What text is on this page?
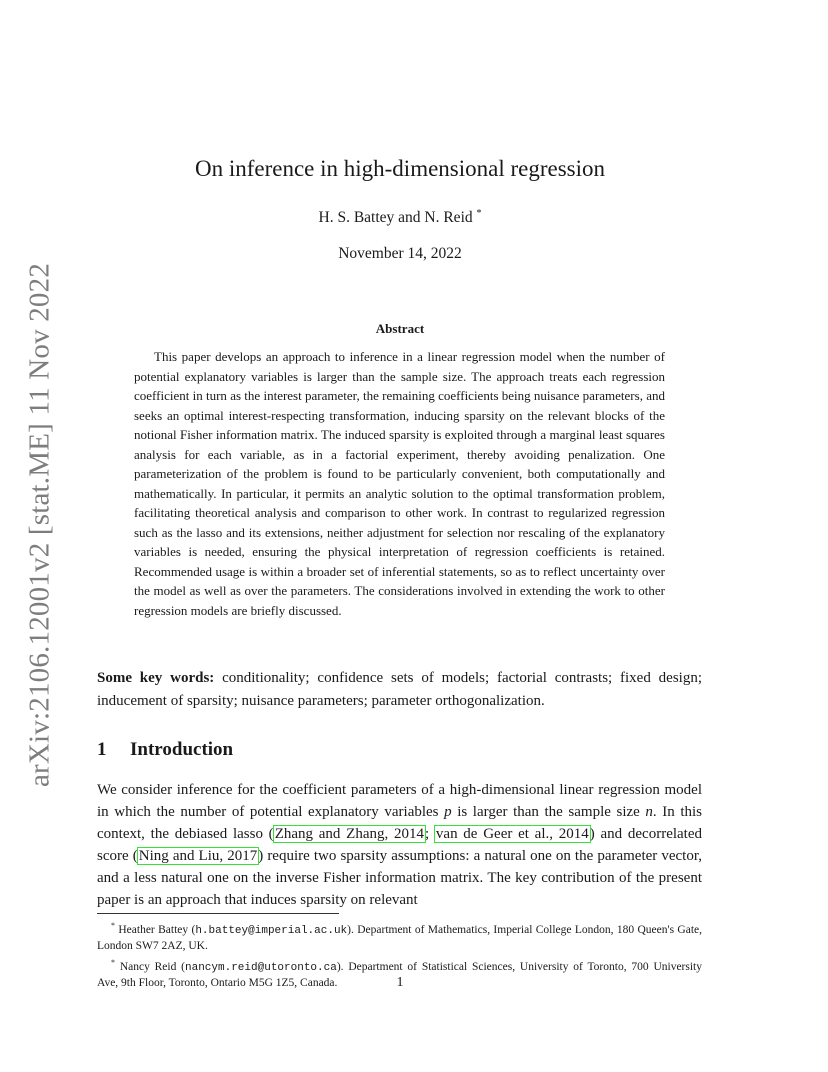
arXiv:2106.12001v2 [stat.ME] 11 Nov 2022
On inference in high-dimensional regression
H. S. Battey and N. Reid *
November 14, 2022
Abstract

This paper develops an approach to inference in a linear regression model when the number of potential explanatory variables is larger than the sample size. The approach treats each regression coefficient in turn as the interest parameter, the remaining coefficients being nuisance parameters, and seeks an optimal interest-respecting transformation, inducing sparsity on the relevant blocks of the notional Fisher information matrix. The induced sparsity is exploited through a marginal least squares analysis for each variable, as in a factorial experiment, thereby avoiding penalization. One parameterization of the problem is found to be particularly convenient, both computationally and mathematically. In particular, it permits an analytic solution to the optimal transformation problem, facilitating theoretical analysis and comparison to other work. In contrast to regularized regression such as the lasso and its extensions, neither adjustment for selection nor rescaling of the explanatory variables is needed, ensuring the physical interpretation of regression coefficients is retained. Recommended usage is within a broader set of inferential statements, so as to reflect uncertainty over the model as well as over the parameters. The considerations involved in extending the work to other regression models are briefly discussed.

Some key words: conditionality; confidence sets of models; factorial contrasts; fixed design; inducement of sparsity; nuisance parameters; parameter orthogonalization.

1 Introduction

We consider inference for the coefficient parameters of a high-dimensional linear regression model in which the number of potential explanatory variables p is larger than the sample size n. In this context, the debiased lasso (Zhang and Zhang, 2014; van de Geer et al., 2014) and decorrelated score (Ning and Liu, 2017) require two sparsity assumptions: a natural one on the parameter vector, and a less natural one on the inverse Fisher information matrix. The key contribution of the present paper is an approach that induces sparsity on relevant

* Heather Battey (h.battey@imperial.ac.uk). Department of Mathematics, Imperial College London, 180 Queen's Gate, London SW7 2AZ, UK.

* Nancy Reid (nancym.reid@utoronto.ca). Department of Statistical Sciences, University of Toronto, 700 University Ave, 9th Floor, Toronto, Ontario M5G 1Z5, Canada.	1
